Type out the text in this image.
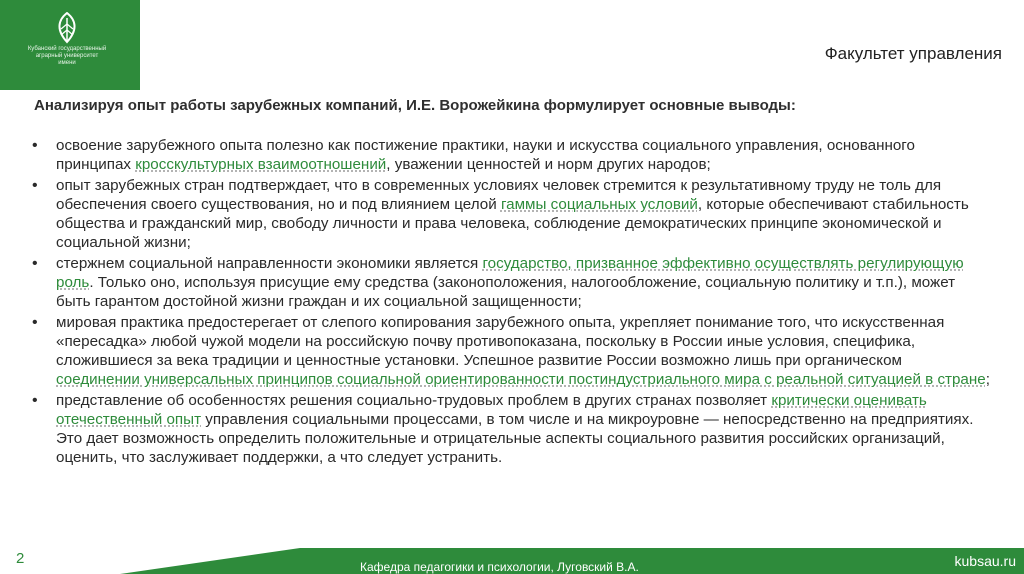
Кубанский государственный
аграрный университет
имени	Факультет управления
Анализируя опыт работы зарубежных компаний, И.Е. Ворожейкина формулирует основные выводы:
• освоение зарубежного опыта полезно как постижение практики, науки и искусства социального управления, основанного принципах кросскультурных взаимоотношений, уважении ценностей и норм других народов;
• опыт зарубежных стран подтверждает, что в современных условиях человек стремится к результативному труду не толь для обеспечения своего существования, но и под влиянием целой гаммы социальных условий, которые обеспечивают стабильность общества и гражданский мир, свободу личности и права человека, соблюдение демократических принципе экономической и социальной жизни;
• стержнем социальной направленности экономики является государство, призванное эффективно осуществлять регулирующую роль. Только оно, используя присущие ему средства (законоположения, налогообложение, социальную политику и т.п.), может быть гарантом достойной жизни граждан и их социальной защищенности;
• мировая практика предостерегает от слепого копирования зарубежного опыта, укрепляет понимание того, что искусственная «пересадка» любой чужой модели на российскую почву противопоказана, поскольку в России иные условия, специфика, сложившиеся за века традиции и ценностные установки. Успешное развитие России возможно лишь при органическом соединении универсальных принципов социальной ориентированности постиндустриального мира с реальной ситуацией в стране;
• представление об особенностях решения социально-трудовых проблем в других странах позволяет критически оценивать отечественный опыт управления социальными процессами, в том числе и на микроуровне — непосредственно на предприятиях. Это дает возможность определить положительные и отрицательные аспекты социального развития российских организаций, оценить, что заслуживает поддержки, а что следует устранить.
2	Кафедра педагогики и психологии, Луговский В.А.	kubsau.ru
